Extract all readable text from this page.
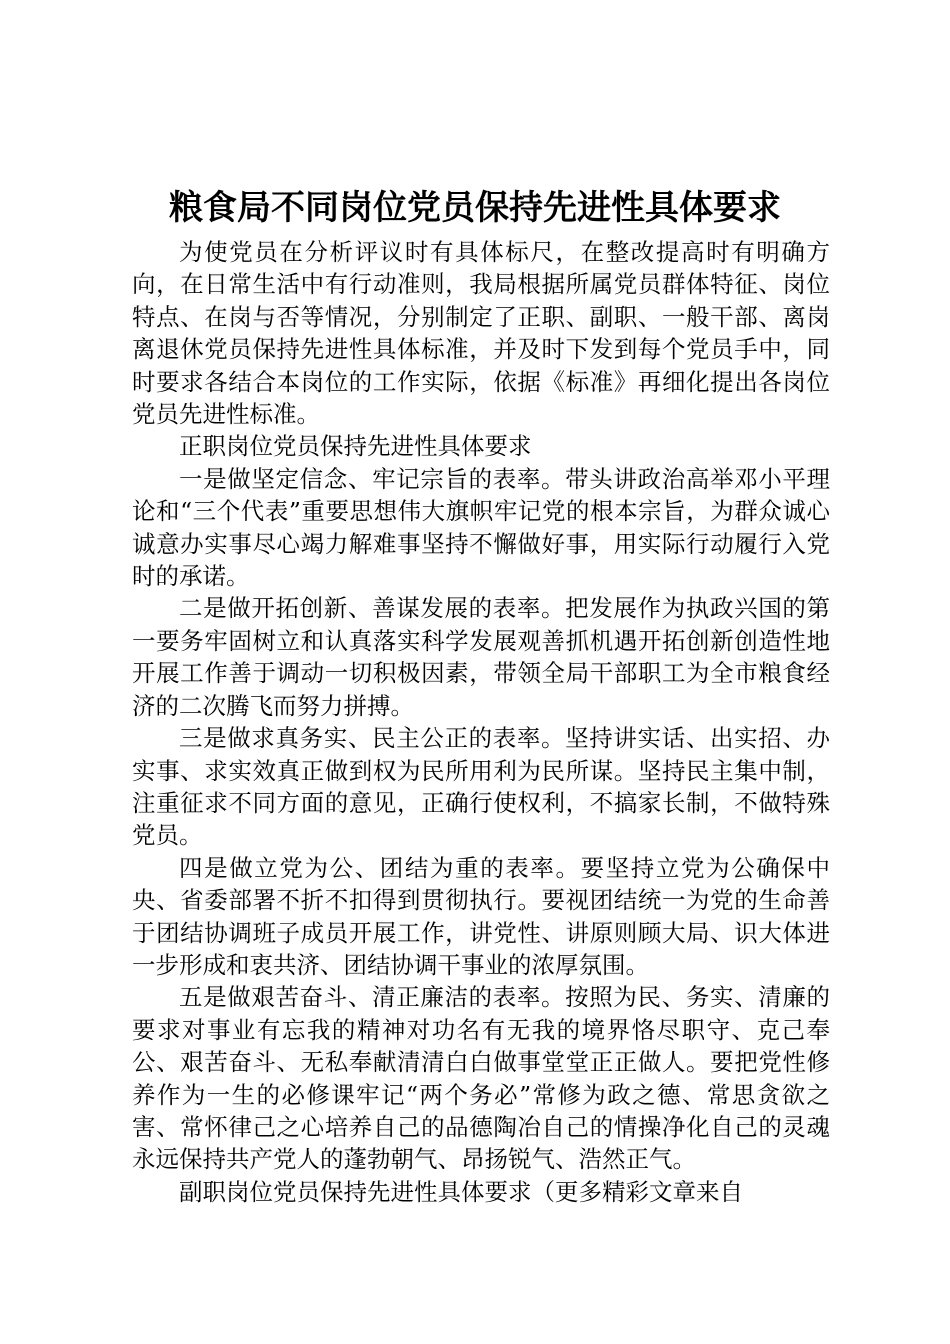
粮食局不同岗位党员保持先进性具体要求

为使党员在分析评议时有具体标尺，在整改提高时有明确方向，在日常生活中有行动准则，我局根据所属党员群体特征、岗位特点、在岗与否等情况，分别制定了正职、副职、一般干部、离岗离退休党员保持先进性具体标准，并及时下发到每个党员手中，同时要求各结合本岗位的工作实际，依据《标准》再细化提出各岗位党员先进性标准。

正职岗位党员保持先进性具体要求

一是做坚定信念、牢记宗旨的表率。带头讲政治高举邓小平理论和“三个代表”重要思想伟大旗帜牢记党的根本宗旨，为群众诚心诚意办实事尽心竭力解难事坚持不懈做好事，用实际行动履行入党时的承诺。

二是做开拓创新、善谋发展的表率。把发展作为执政兴国的第一要务牢固树立和认真落实科学发展观善抓机遇开拓创新创造性地开展工作善于调动一切积极因素，带领全局干部职工为全市粮食经济的二次腾飞而努力拼搏。

三是做求真务实、民主公正的表率。坚持讲实话、出实招、办实事、求实效真正做到权为民所用利为民所谋。坚持民主集中制，注重征求不同方面的意见，正确行使权利，不搞家长制，不做特殊党员。

四是做立党为公、团结为重的表率。要坚持立党为公确保中央、省委部署不折不扣得到贯彻执行。要视团结统一为党的生命善于团结协调班子成员开展工作，讲党性、讲原则顾大局、识大体进一步形成和衷共济、团结协调干事业的浓厚氛围。

五是做艰苦奋斗、清正廉洁的表率。按照为民、务实、清廉的要求对事业有忘我的精神对功名有无我的境界恪尽职守、克己奉公、艰苦奋斗、无私奉献清清白白做事堂堂正正做人。要把党性修养作为一生的必修课牢记“两个务必”常修为政之德、常思贪欲之害、常怀律己之心培养自己的品德陶冶自己的情操净化自己的灵魂永远保持共产党人的蓬勃朝气、昂扬锐气、浩然正气。

副职岗位党员保持先进性具体要求（更多精彩文章来自
